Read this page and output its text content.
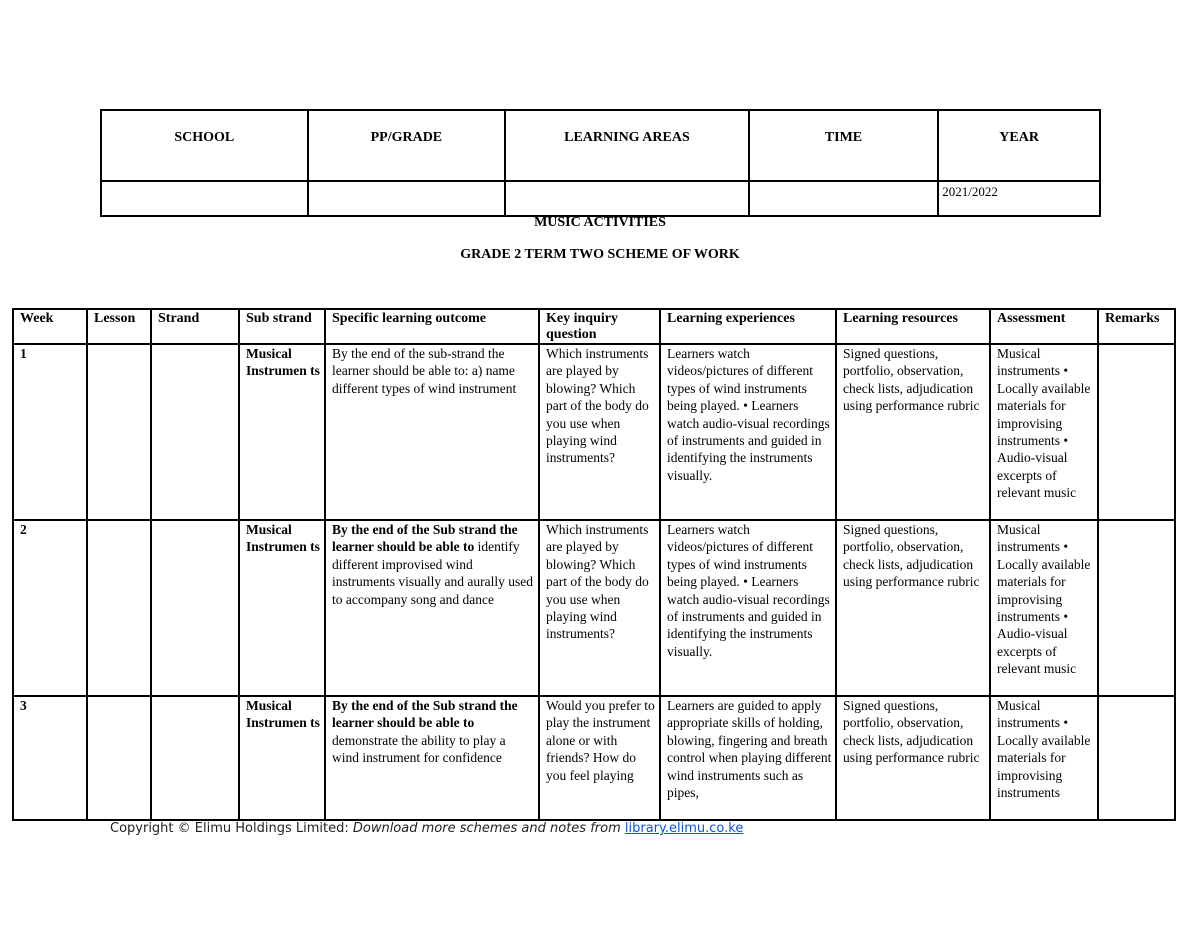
SCHOOL	PP/GRADE	LEARNING AREAS	TIME	YEAR
				2021/2022
MUSIC ACTIVITIES
GRADE 2 TERM TWO SCHEME OF WORK
Week	Lesson	Strand	Sub strand	Specific learning outcome	Key inquiry question	Learning experiences	Learning resources	Assessment	Remarks
1			Musical Instrumen ts	By the end of the sub-strand the learner should be able to: a) name different types of wind instrument	Which instruments are played by blowing? Which part of the body do you use when playing wind instruments?	Learners watch videos/pictures of different types of wind instruments being played. • Learners watch audio-visual recordings of instruments and guided in identifying the instruments visually.	Signed questions, portfolio, observation, check lists, adjudication using performance rubric	Musical instruments • Locally available materials for improvising instruments • Audio-visual excerpts of relevant music	

2			Musical Instrumen ts	By the end of the Sub strand the learner should be able to identify different improvised wind instruments visually and aurally used to accompany song and dance	Which instruments are played by blowing? Which part of the body do you use when playing wind instruments?	Learners watch videos/pictures of different types of wind instruments being played. • Learners watch audio-visual recordings of instruments and guided in identifying the instruments visually.	Signed questions, portfolio, observation, check lists, adjudication using performance rubric	Musical instruments • Locally available materials for improvising instruments • Audio-visual excerpts of relevant music	

3			Musical Instrumen ts	By the end of the Sub strand the learner should be able to demonstrate the ability to play a wind instrument for confidence	Would you prefer to play the instrument alone or with friends? How do you feel playing	Learners are guided to apply appropriate skills of holding, blowing, fingering and breath control when playing different wind instruments such as pipes,	Signed questions, portfolio, observation, check lists, adjudication using performance rubric	Musical instruments • Locally available materials for improvising instruments	

Copyright © Elimu Holdings Limited: Download more schemes and notes from library.elimu.co.ke
